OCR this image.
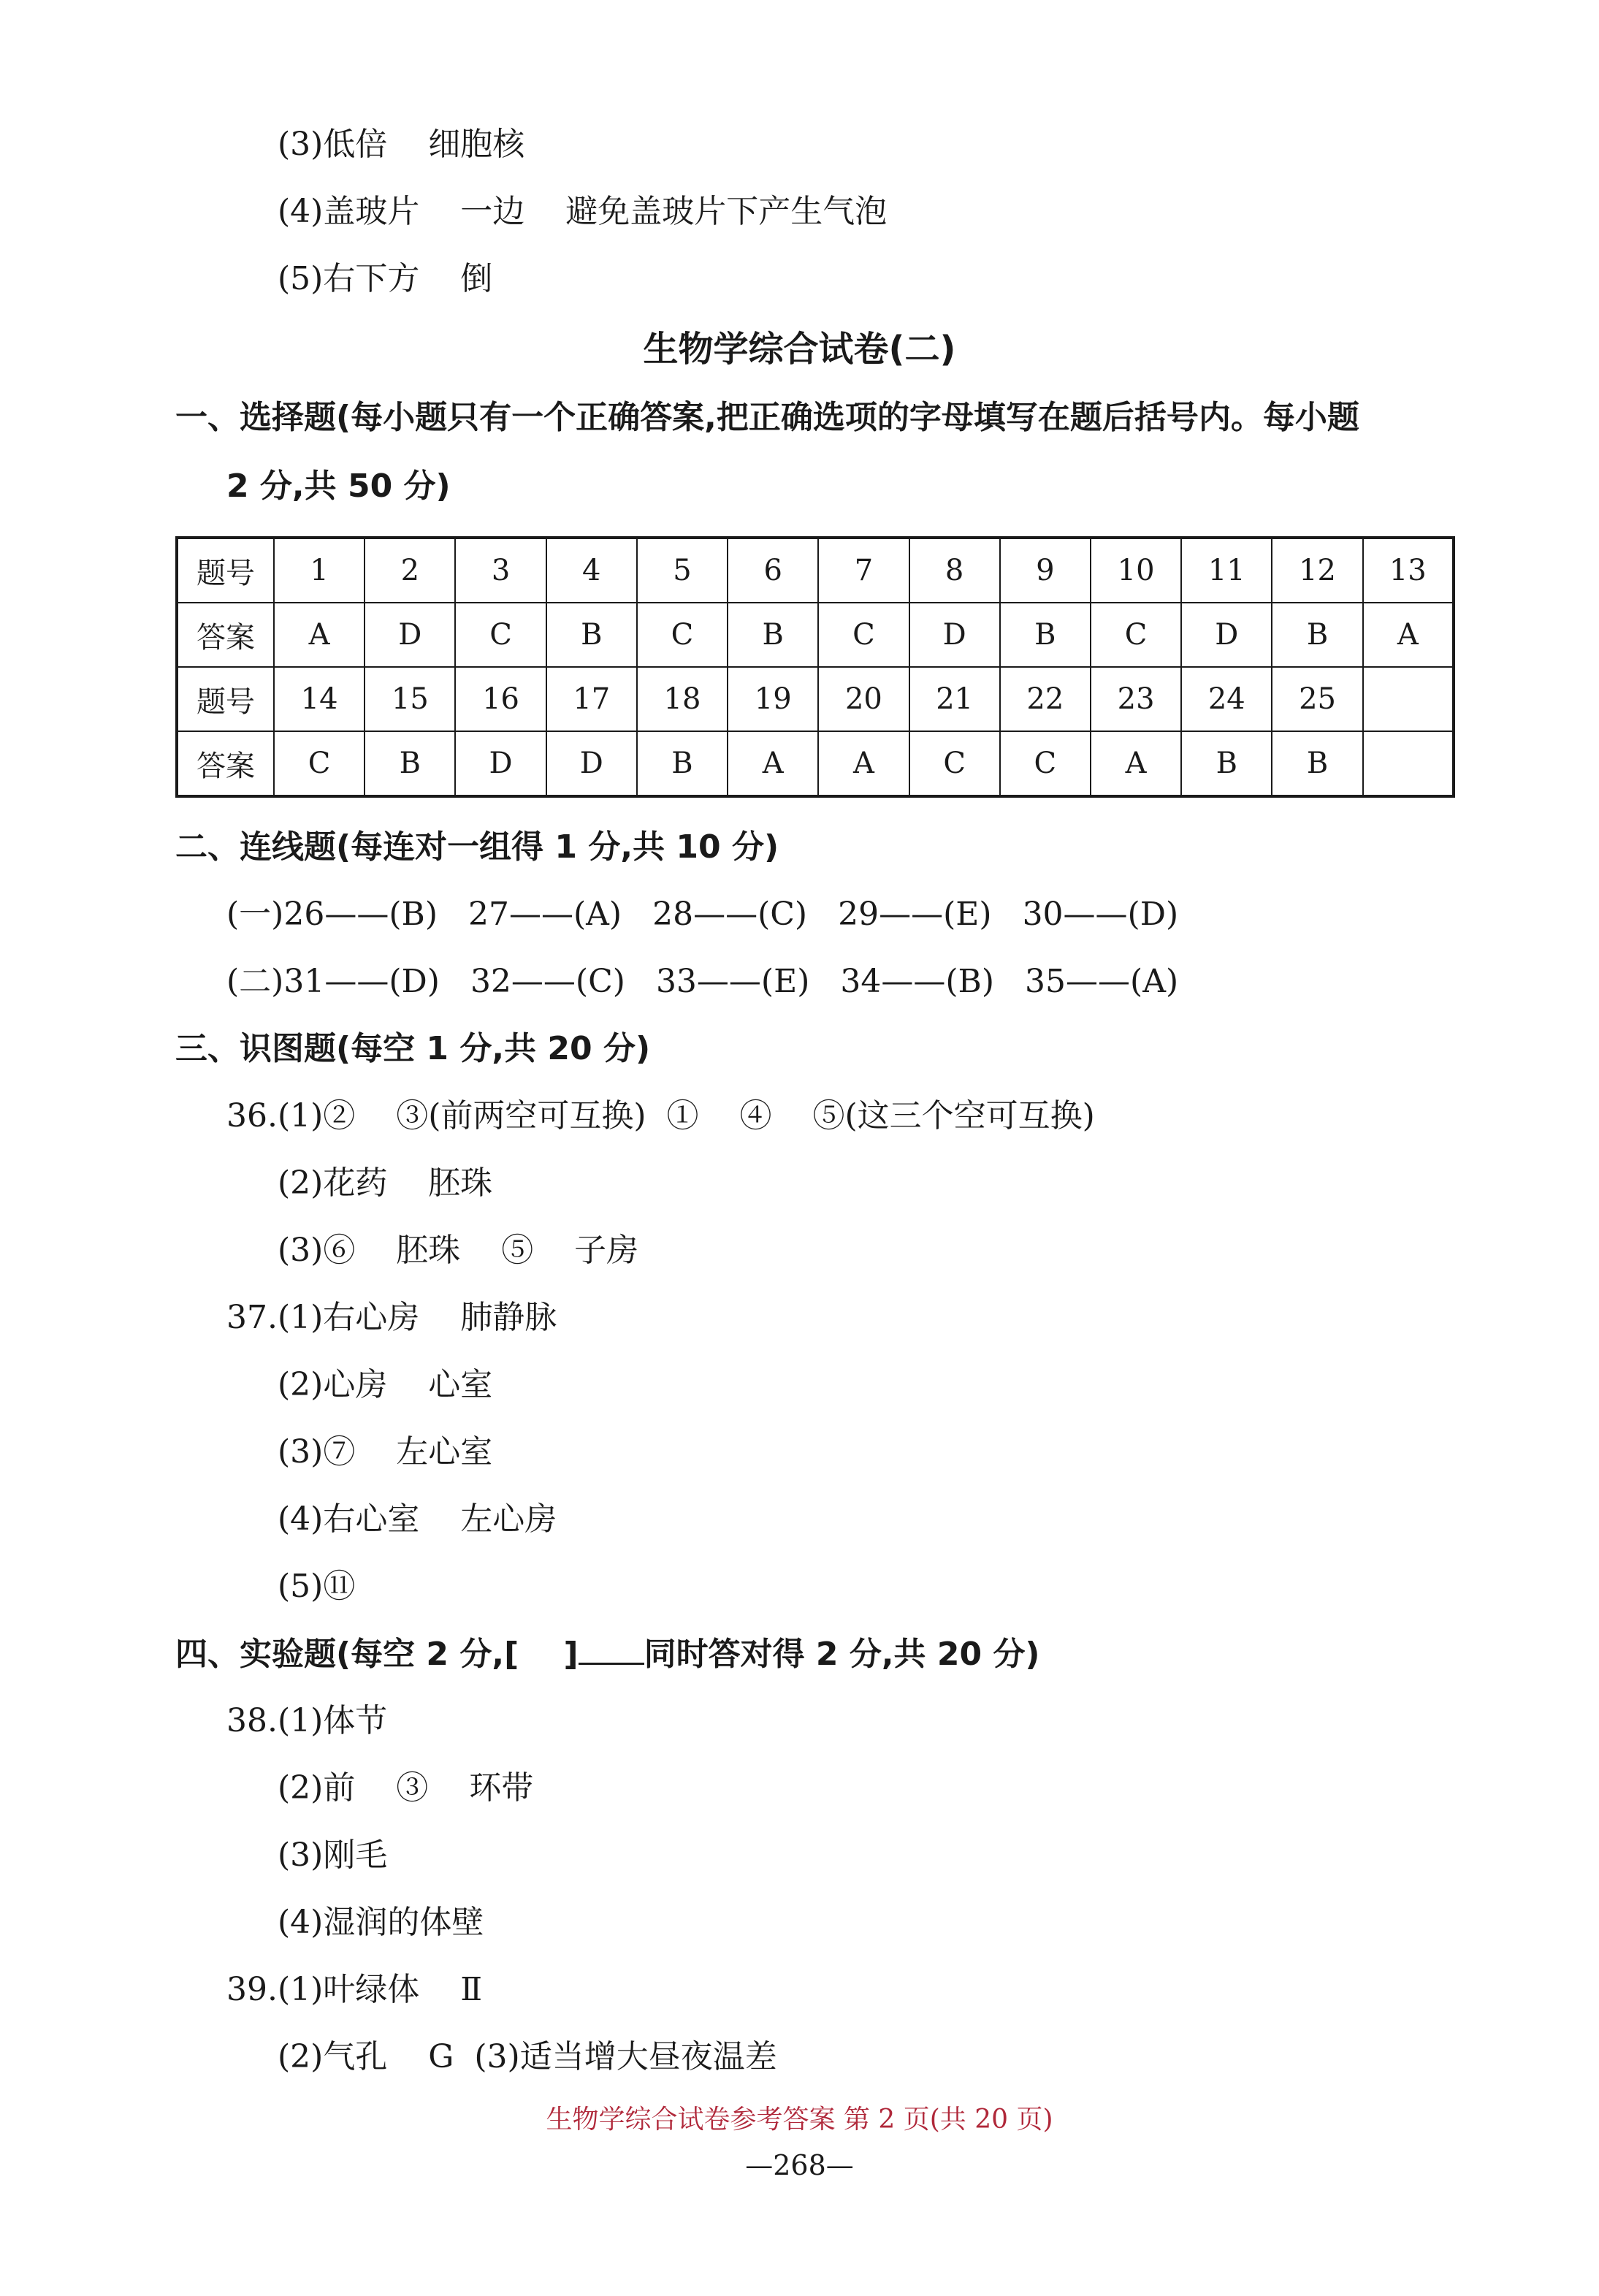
(3)低倍    细胞核
(4)盖玻片    一边    避免盖玻片下产生气泡
(5)右下方    倒
生物学综合试卷(二)
一、选择题(每小题只有一个正确答案,把正确选项的字母填写在题后括号内。每小题
2 分,共 50 分)
题号	1	2	3	4	5	6	7	8	9	10	11	12	13
答案	A	D	C	B	C	B	C	D	B	C	D	B	A
题号	14	15	16	17	18	19	20	21	22	23	24	25	
答案	C	B	D	D	B	A	A	C	C	A	B	B	
二、连线题(每连对一组得 1 分,共 10 分)
(一)26——(B) 27——(A) 28——(C) 29——(E) 30——(D)
(二)31——(D) 32——(C) 33——(E) 34——(B) 35——(A)
三、识图题(每空 1 分,共 20 分)
36.(1)②    ③(前两空可互换)  ①    ④    ⑤(这三个空可互换)
(2)花药    胚珠
(3)⑥    胚珠    ⑤    子房
37.(1)右心房    肺静脉
(2)心房    心室
(3)⑦    左心室
(4)右心室    左心房
(5)⑪
四、实验题(每空 2 分,[    ] 同时答对得 2 分,共 20 分)
38.(1)体节
(2)前    ③    环带
(3)刚毛
(4)湿润的体壁
39.(1)叶绿体    Ⅱ
(2)气孔    G  (3)适当增大昼夜温差
生物学综合试卷参考答案 第 2 页(共 20 页)
—268—
